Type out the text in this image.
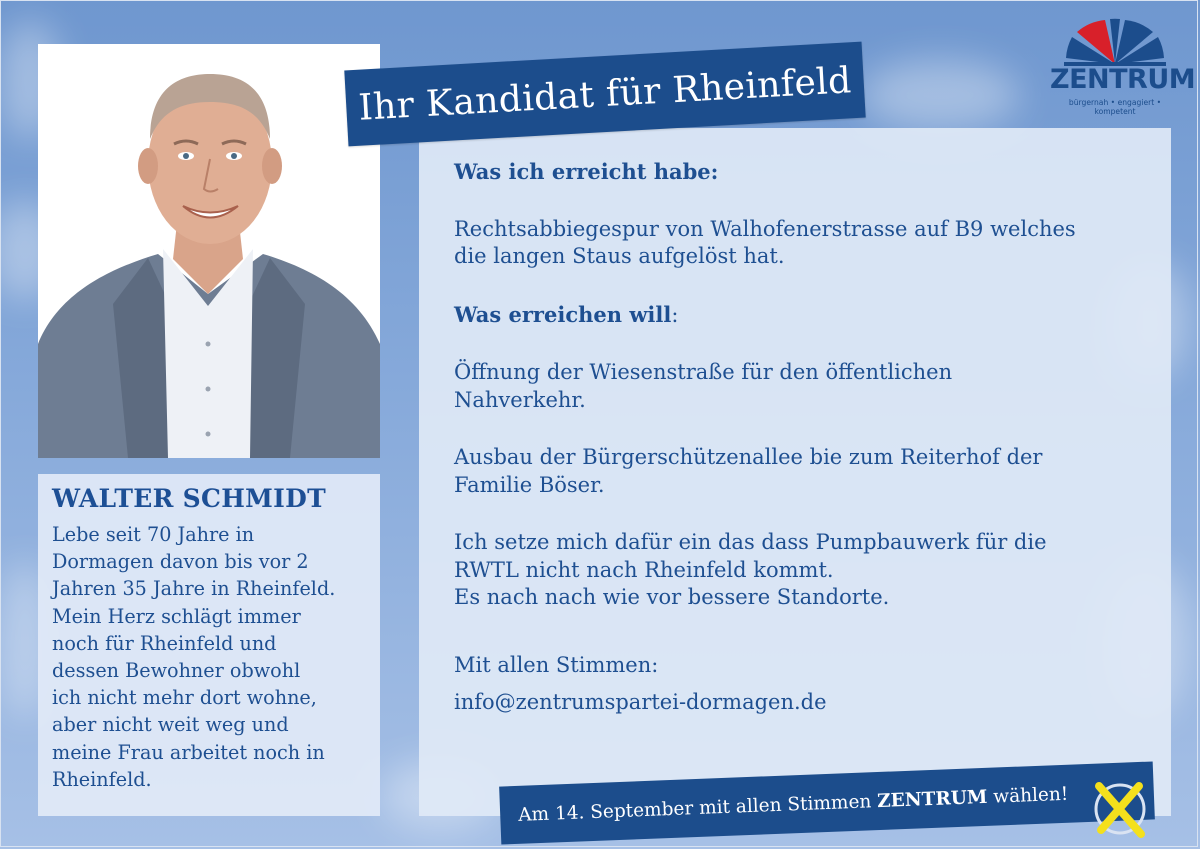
WALTER SCHMIDT

Lebe seit 70 Jahre in
Dormagen davon bis vor 2
Jahren 35 Jahre in Rheinfeld.
Mein Herz schlägt immer
noch für Rheinfeld und
dessen Bewohner obwohl
ich nicht mehr dort wohne,
aber nicht weit weg und
meine Frau arbeitet noch in
Rheinfeld.

Was ich erreicht habe:

Rechtsabbiegespur von Walhofenerstrasse auf B9 welches
die langen Staus aufgelöst hat.

Was erreichen will:

Öffnung der Wiesenstraße für den öffentlichen
Nahverkehr.

Ausbau der Bürgerschützenallee bie zum Reiterhof der
Familie Böser.

Ich setze mich dafür ein das dass Pumpbauwerk für die
RWTL nicht nach Rheinfeld kommt.
Es nach nach wie vor bessere Standorte.

Mit allen Stimmen:

info@zentrumspartei-dormagen.de

Ihr Kandidat für Rheinfeld	ZENTRUM
bürgernah • engagiert • kompetent
Am 14. September mit allen Stimmen ZENTRUM wählen!
